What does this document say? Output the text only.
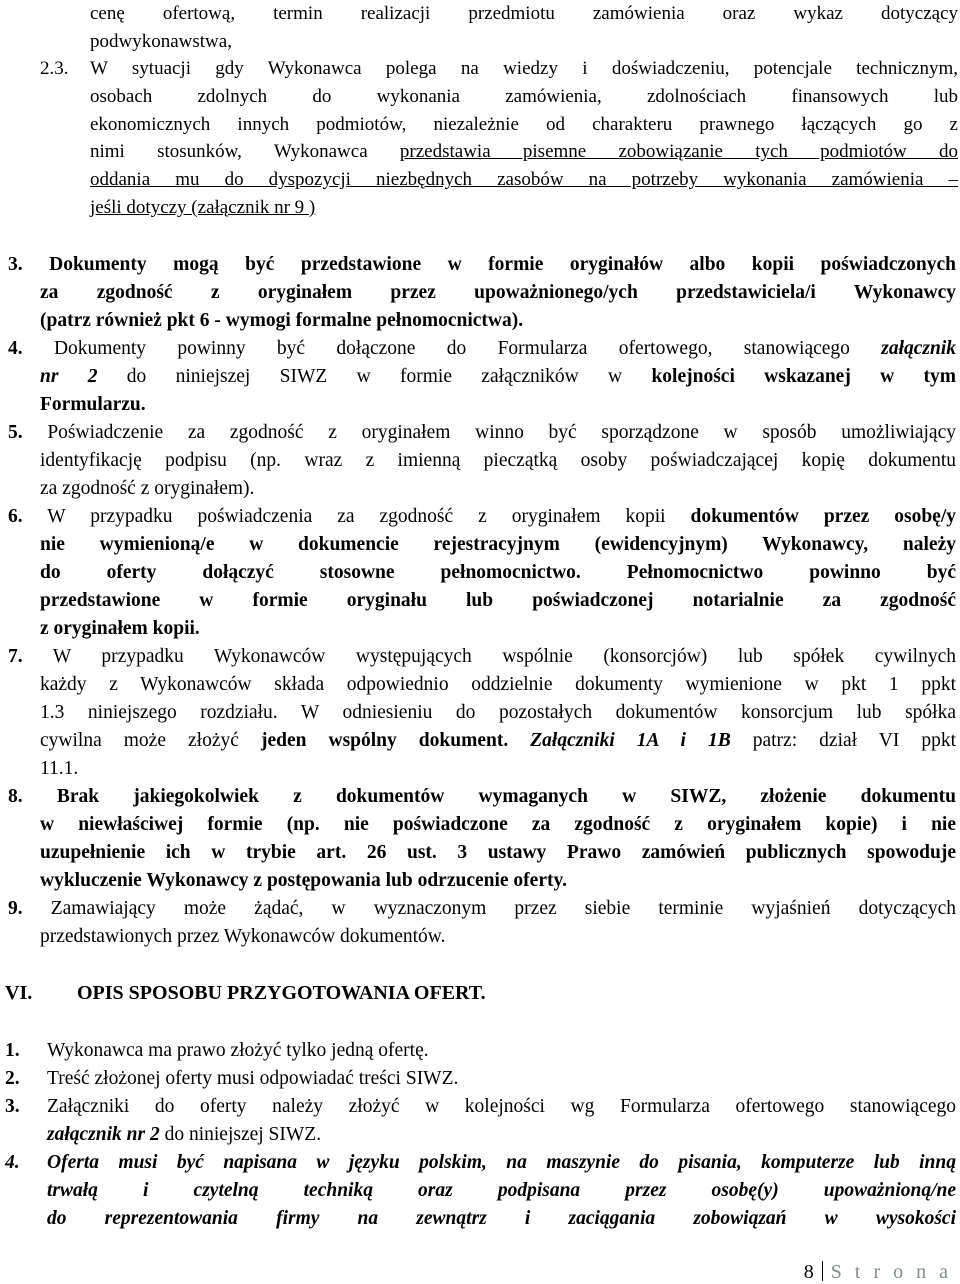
cenę ofertową, termin realizacji przedmiotu zamówienia oraz wykaz dotyczący
podwykonawstwa,
2.3. W sytuacji gdy Wykonawca polega na wiedzy i doświadczeniu, potencjale technicznym,
osobach zdolnych do wykonania zamówienia, zdolnościach finansowych lub
ekonomicznych innych podmiotów, niezależnie od charakteru prawnego łączących go z
nimi stosunków, Wykonawca przedstawia pisemne zobowiązanie tych podmiotów do
oddania mu do dyspozycji niezbędnych zasobów na potrzeby wykonania zamówienia –
jeśli dotyczy (załącznik nr 9 )
3. Dokumenty mogą być przedstawione w formie oryginałów albo kopii poświadczonych
za zgodność z oryginałem przez upoważnionego/ych przedstawiciela/i Wykonawcy
(patrz również pkt 6 - wymogi formalne pełnomocnictwa).
4. Dokumenty powinny być dołączone do Formularza ofertowego, stanowiącego załącznik
nr 2 do niniejszej SIWZ w formie załączników w kolejności wskazanej w tym
Formularzu.
5. Poświadczenie za zgodność z oryginałem winno być sporządzone w sposób umożliwiający
identyfikację podpisu (np. wraz z imienną pieczątką osoby poświadczającej kopię dokumentu
za zgodność z oryginałem).
6. W przypadku poświadczenia za zgodność z oryginałem kopii dokumentów przez osobę/y
nie wymienioną/e w dokumencie rejestracyjnym (ewidencyjnym) Wykonawcy, należy
do oferty dołączyć stosowne pełnomocnictwo. Pełnomocnictwo powinno być
przedstawione w formie oryginału lub poświadczonej notarialnie za zgodność
z oryginałem kopii.
7. W przypadku Wykonawców występujących wspólnie (konsorcjów) lub spółek cywilnych
każdy z Wykonawców składa odpowiednio oddzielnie dokumenty wymienione w pkt 1 ppkt
1.3 niniejszego rozdziału. W odniesieniu do pozostałych dokumentów konsorcjum lub spółka
cywilna może złożyć jeden wspólny dokument. Załączniki 1A i 1B patrz: dział VI ppkt
11.1.
8. Brak jakiegokolwiek z dokumentów wymaganych w SIWZ, złożenie dokumentu
w niewłaściwej formie (np. nie poświadczone za zgodność z oryginałem kopie) i nie
uzupełnienie ich w trybie art. 26 ust. 3 ustawy Prawo zamówień publicznych spowoduje
wykluczenie Wykonawcy z postępowania lub odrzucenie oferty.
9. Zamawiający może żądać, w wyznaczonym przez siebie terminie wyjaśnień dotyczących
przedstawionych przez Wykonawców dokumentów.
VI. OPIS SPOSOBU PRZYGOTOWANIA OFERT.
1. Wykonawca ma prawo złożyć tylko jedną ofertę.
2. Treść złożonej oferty musi odpowiadać treści SIWZ.
3. Załączniki do oferty należy złożyć w kolejności wg Formularza ofertowego stanowiącego
załącznik nr 2 do niniejszej SIWZ.
4. Oferta musi być napisana w języku polskim, na maszynie do pisania, komputerze lub inną
trwałą i czytelną techniką oraz podpisana przez osobę(y) upoważnioną/ne
do reprezentowania firmy na zewnątrz i zaciągania zobowiązań w wysokości
8 S t r o n a
